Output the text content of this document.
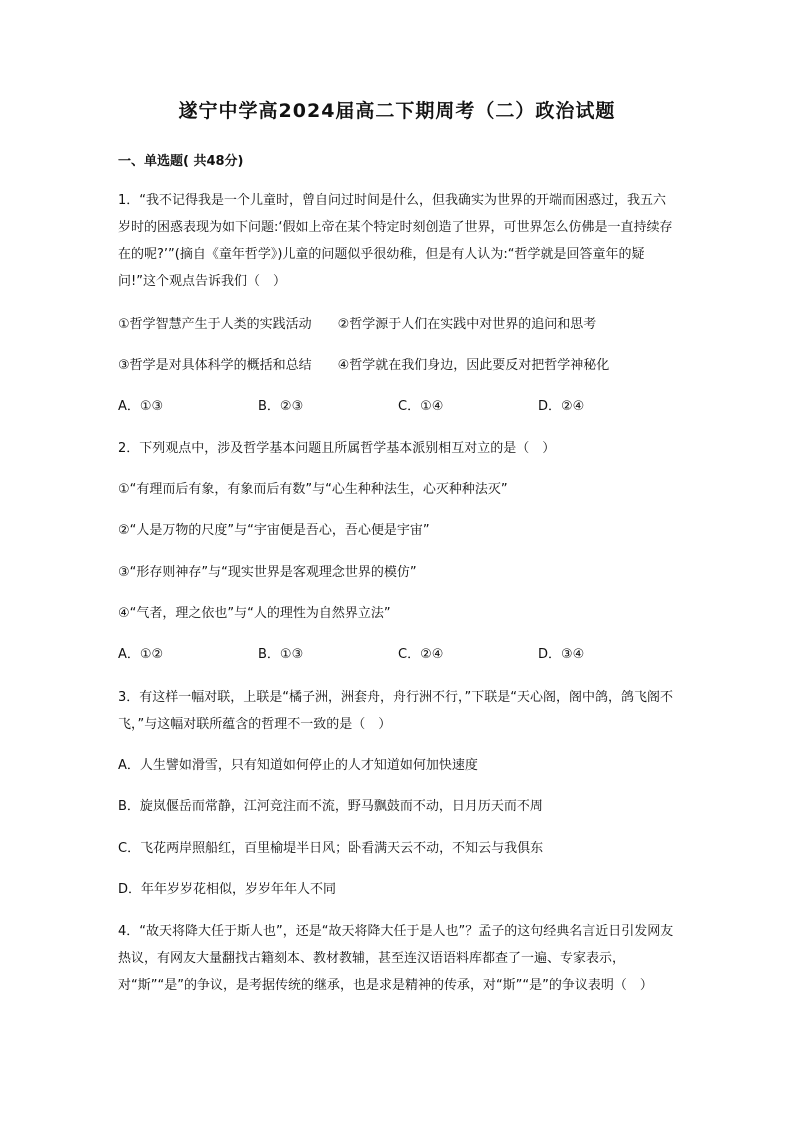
遂宁中学高2024届高二下期周考（二）政治试题
一、单选题( 共48分)

1．“我不记得我是一个儿童时，曾自问过时间是什么，但我确实为世界的开端而困惑过，我五六岁时的困惑表现为如下问题:‘假如上帝在某个特定时刻创造了世界，可世界怎么仿佛是一直持续存在的呢?’”(摘自《童年哲学》)儿童的问题似乎很幼稚，但是有人认为:“哲学就是回答童年的疑问!”这个观点告诉我们（　）

①哲学智慧产生于人类的实践活动　　②哲学源于人们在实践中对世界的追问和思考
③哲学是对具体科学的概括和总结　　④哲学就在我们身边，因此要反对把哲学神秘化
A．①③	B．②③	C．①④	D．②④
2．下列观点中，涉及哲学基本问题且所属哲学基本派别相互对立的是（　）
①“有理而后有象，有象而后有数”与“心生种种法生，心灭种种法灭”
②“人是万物的尺度”与“宇宙便是吾心，吾心便是宇宙”
③“形存则神存”与“现实世界是客观理念世界的模仿”
④“气者，理之依也”与“人的理性为自然界立法”
A．①②	B．①③	C．②④	D．③④

3．有这样一幅对联，上联是“橘子洲，洲套舟，舟行洲不行，”下联是“天心阁，阁中鸽，鸽飞阁不飞，”与这幅对联所蕴含的哲理不一致的是（　）

A．人生譬如滑雪，只有知道如何停止的人才知道如何加快速度
B．旋岚偃岳而常静，江河竞注而不流，野马飘鼓而不动，日月历天而不周
C．飞花两岸照船红，百里榆堤半日风；卧看满天云不动，不知云与我俱东
D．年年岁岁花相似，岁岁年年人不同

4．“故天将降大任于斯人也”，还是“故天将降大任于是人也”？孟子的这句经典名言近日引发网友热议，有网友大量翻找古籍刻本、教材教辅，甚至连汉语语料库都查了一遍、专家表示，对“斯”“是”的争议，是考据传统的继承，也是求是精神的传承，对“斯”“是”的争议表明（　）
